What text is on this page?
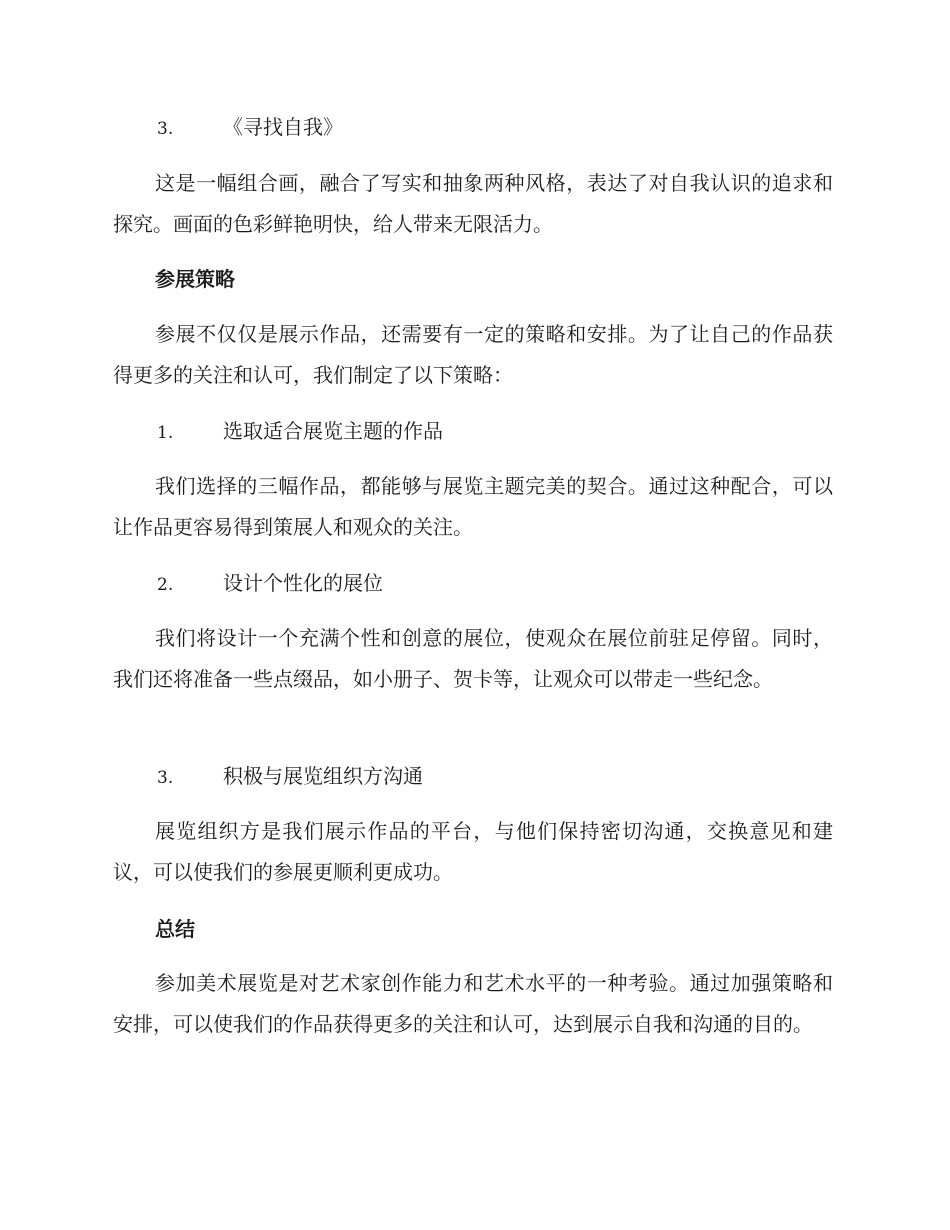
3. 《寻找自我》

这是一幅组合画，融合了写实和抽象两种风格，表达了对自我认识的追求和探究。画面的色彩鲜艳明快，给人带来无限活力。

参展策略

参展不仅仅是展示作品，还需要有一定的策略和安排。为了让自己的作品获得更多的关注和认可，我们制定了以下策略：

1. 选取适合展览主题的作品

我们选择的三幅作品，都能够与展览主题完美的契合。通过这种配合，可以让作品更容易得到策展人和观众的关注。

2. 设计个性化的展位

我们将设计一个充满个性和创意的展位，使观众在展位前驻足停留。同时，我们还将准备一些点缀品，如小册子、贺卡等，让观众可以带走一些纪念。

3. 积极与展览组织方沟通

展览组织方是我们展示作品的平台，与他们保持密切沟通，交换意见和建议，可以使我们的参展更顺利更成功。

总结

参加美术展览是对艺术家创作能力和艺术水平的一种考验。通过加强策略和安排，可以使我们的作品获得更多的关注和认可，达到展示自我和沟通的目的。
